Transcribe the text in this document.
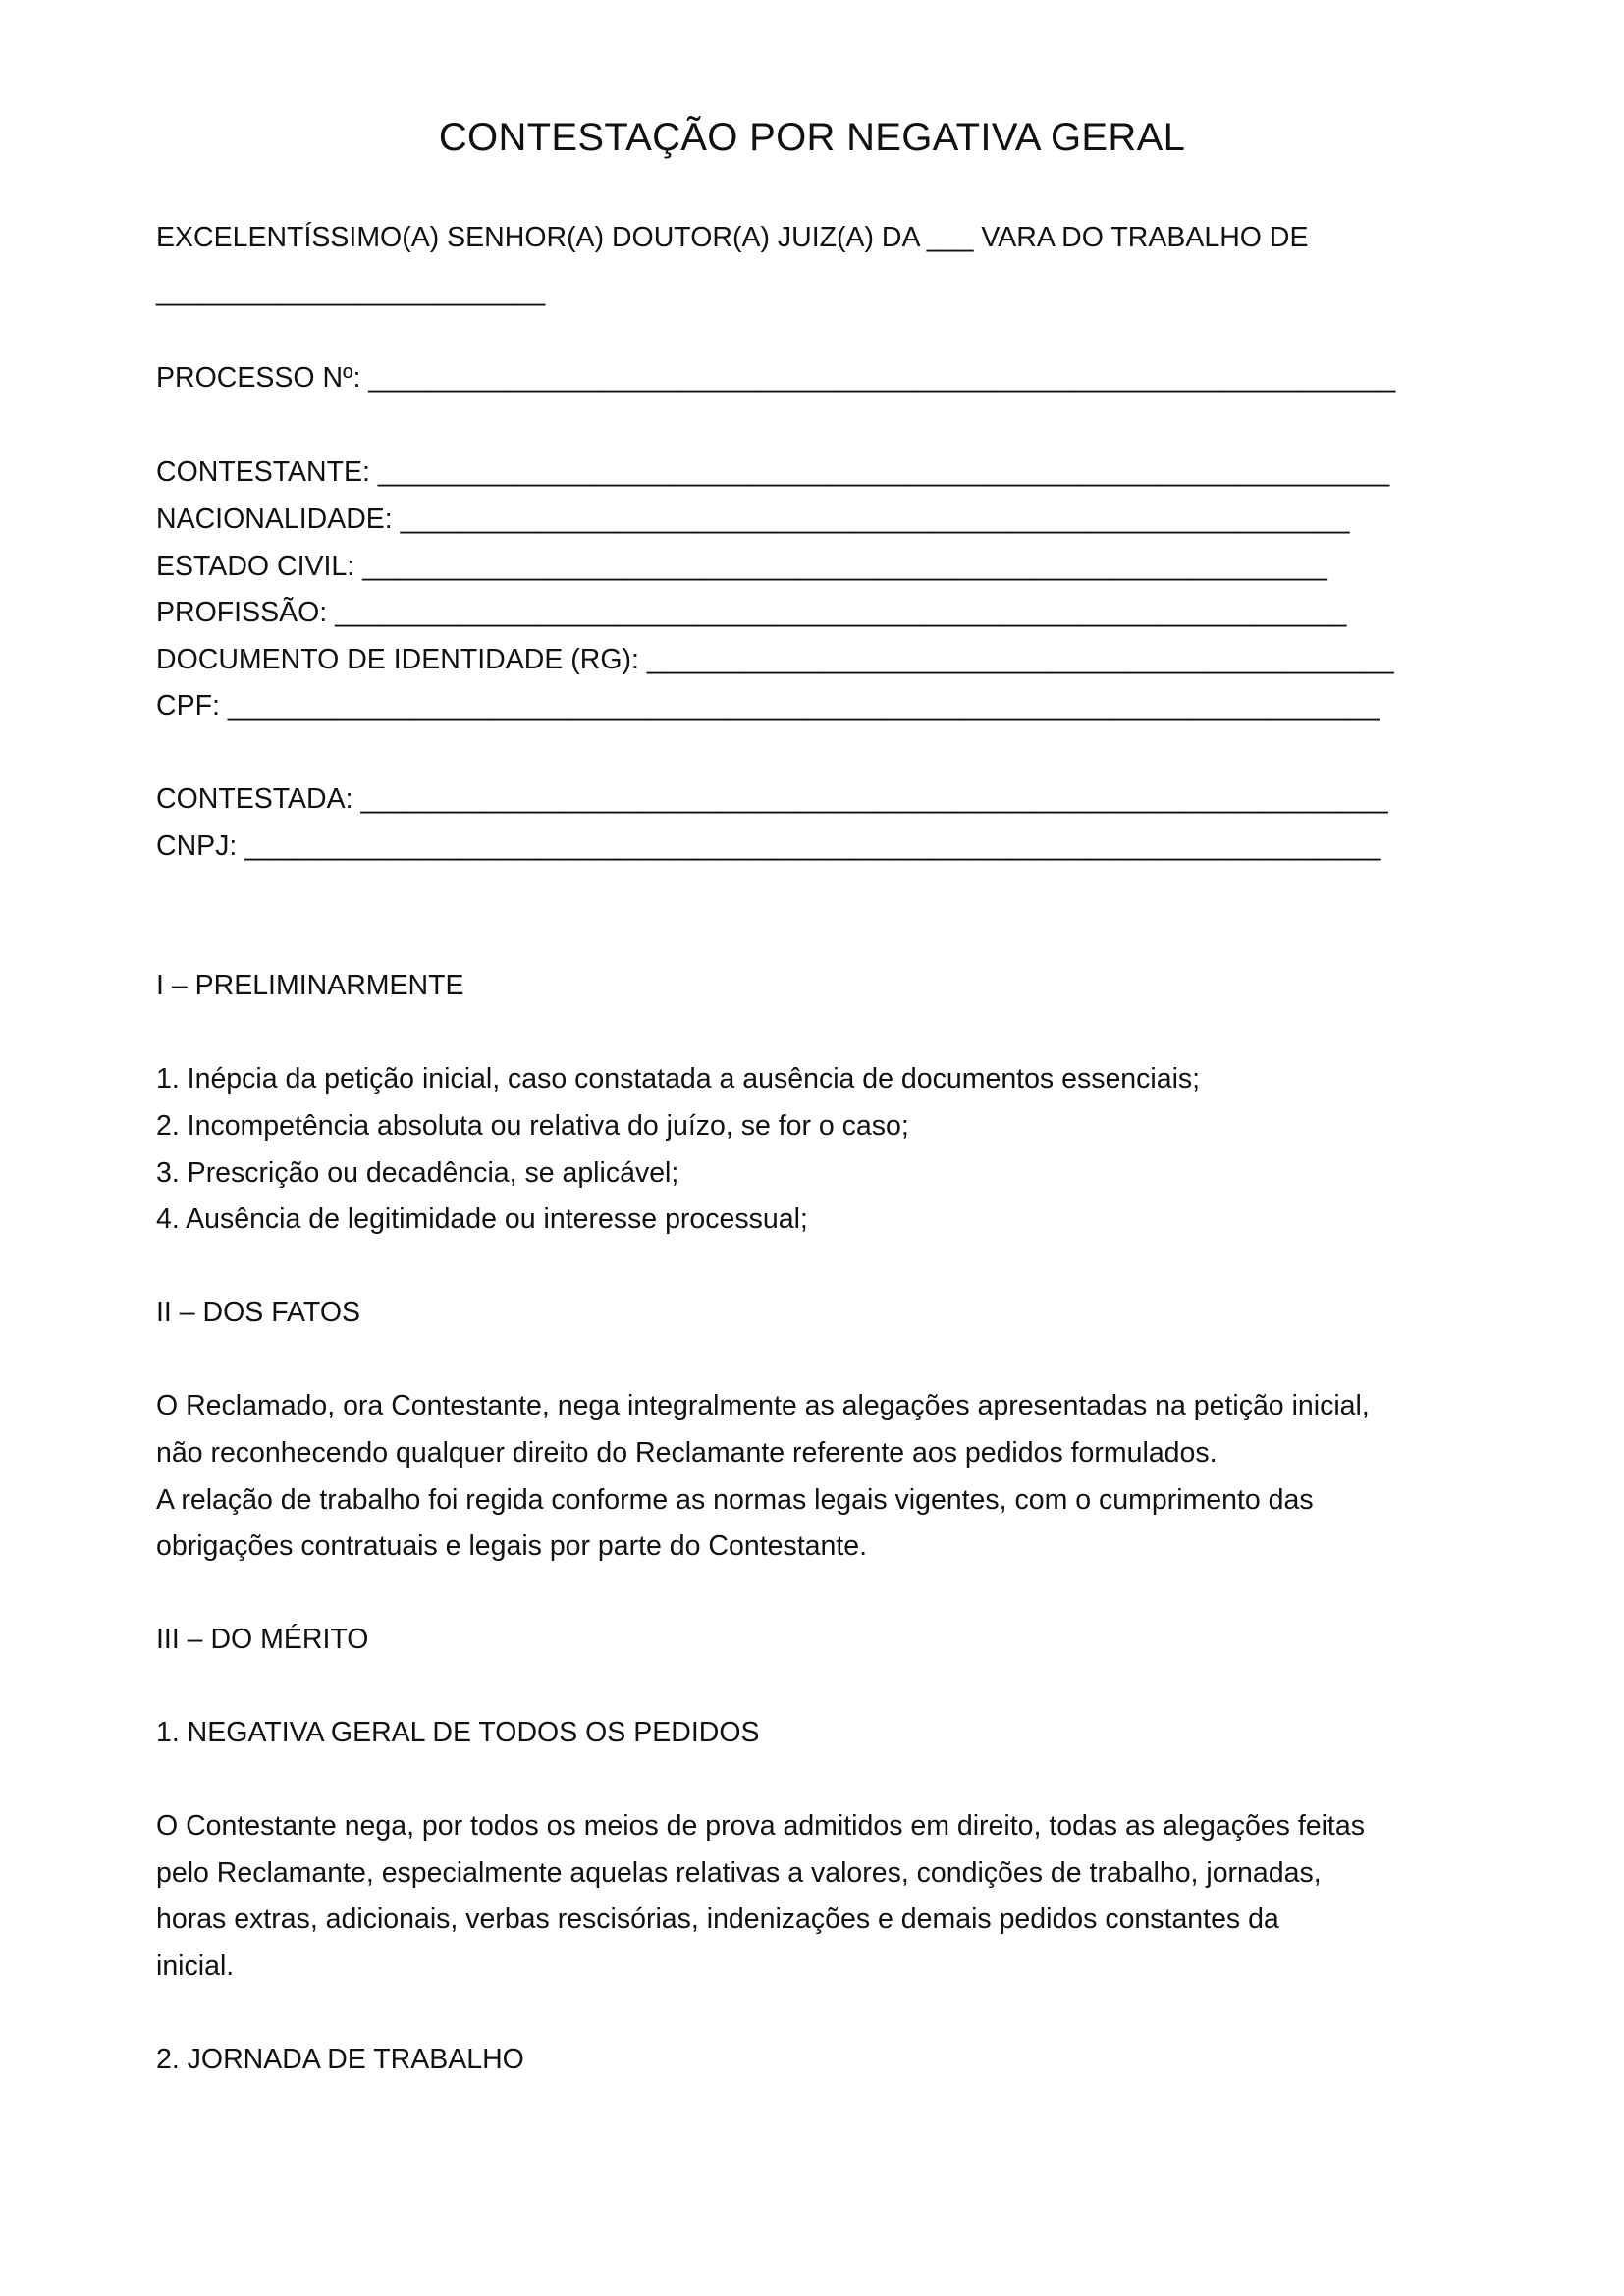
CONTESTAÇÃO POR NEGATIVA GERAL
EXCELENTÍSSIMO(A) SENHOR(A) DOUTOR(A) JUIZ(A) DA ___ VARA DO TRABALHO DE
_________________________
PROCESSO Nº: __________________________________________________________________
CONTESTANTE: _________________________________________________________________
NACIONALIDADE: _____________________________________________________________
ESTADO CIVIL: ______________________________________________________________
PROFISSÃO: _________________________________________________________________
DOCUMENTO DE IDENTIDADE (RG): ________________________________________________
CPF: __________________________________________________________________________
CONTESTADA: __________________________________________________________________
CNPJ: _________________________________________________________________________
I – PRELIMINARMENTE
1. Inépcia da petição inicial, caso constatada a ausência de documentos essenciais;
2. Incompetência absoluta ou relativa do juízo, se for o caso;
3. Prescrição ou decadência, se aplicável;
4. Ausência de legitimidade ou interesse processual;
II – DOS FATOS
O Reclamado, ora Contestante, nega integralmente as alegações apresentadas na petição inicial,
não reconhecendo qualquer direito do Reclamante referente aos pedidos formulados.
A relação de trabalho foi regida conforme as normas legais vigentes, com o cumprimento das
obrigações contratuais e legais por parte do Contestante.
III – DO MÉRITO
1. NEGATIVA GERAL DE TODOS OS PEDIDOS
O Contestante nega, por todos os meios de prova admitidos em direito, todas as alegações feitas
pelo Reclamante, especialmente aquelas relativas a valores, condições de trabalho, jornadas,
horas extras, adicionais, verbas rescisórias, indenizações e demais pedidos constantes da
inicial.
2. JORNADA DE TRABALHO
